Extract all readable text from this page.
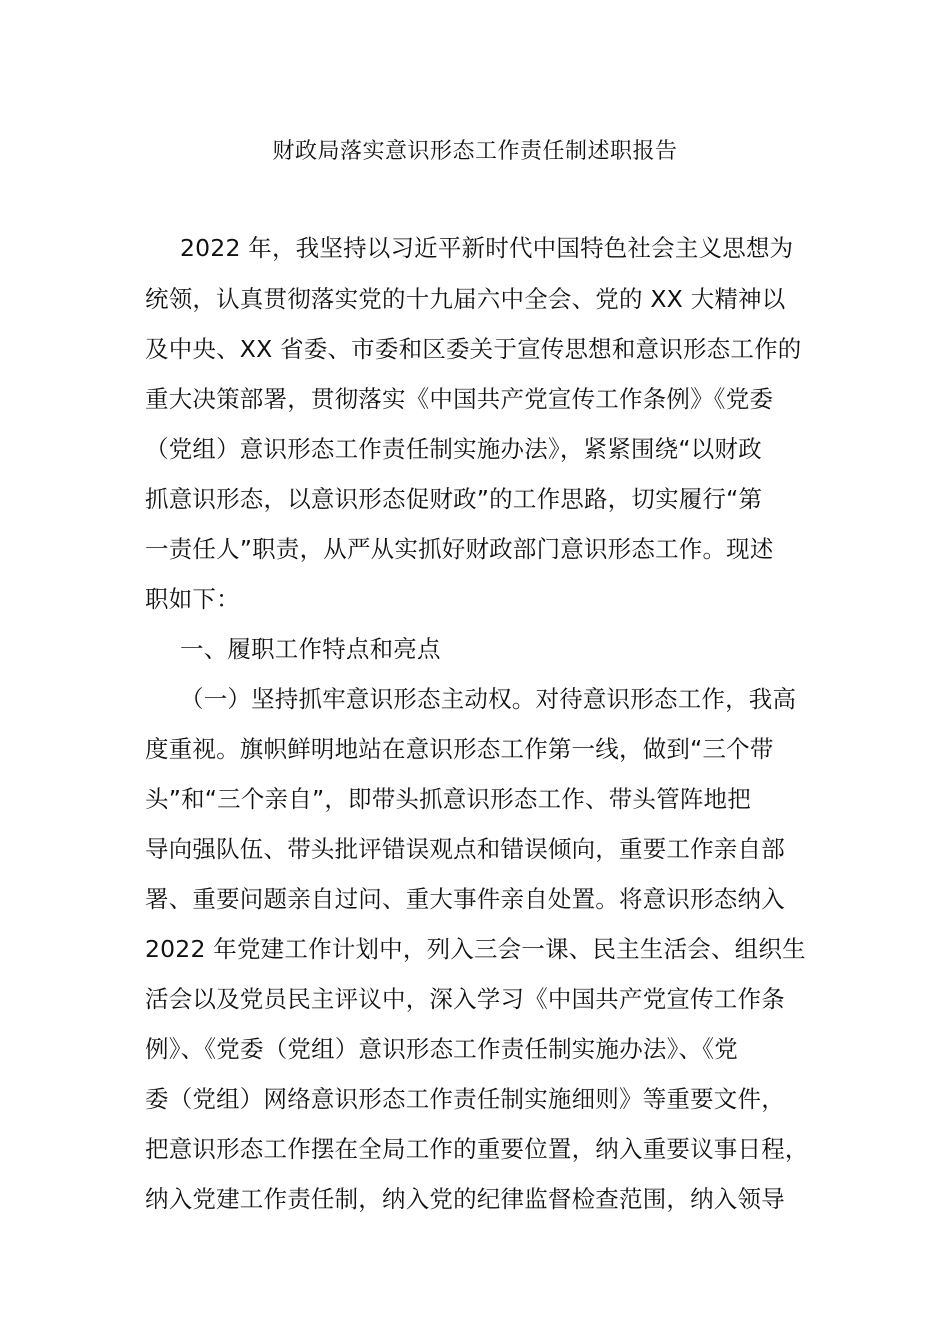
财政局落实意识形态工作责任制述职报告
2022 年，我坚持以习近平新时代中国特色社会主义思想为
统领，认真贯彻落实党的十九届六中全会、党的 XX 大精神以
及中央、XX 省委、市委和区委关于宣传思想和意识形态工作的
重大决策部署，贯彻落实《中国共产党宣传工作条例》《党委
（党组）意识形态工作责任制实施办法》，紧紧围绕“以财政
抓意识形态，以意识形态促财政”的工作思路，切实履行“第
一责任人”职责，从严从实抓好财政部门意识形态工作。现述
职如下：
一、履职工作特点和亮点
（一）坚持抓牢意识形态主动权。对待意识形态工作，我高
度重视。旗帜鲜明地站在意识形态工作第一线，做到“三个带
头”和“三个亲自”，即带头抓意识形态工作、带头管阵地把
导向强队伍、带头批评错误观点和错误倾向，重要工作亲自部
署、重要问题亲自过问、重大事件亲自处置。将意识形态纳入
2022 年党建工作计划中，列入三会一课、民主生活会、组织生
活会以及党员民主评议中，深入学习《中国共产党宣传工作条
例》、《党委（党组）意识形态工作责任制实施办法》、《党
委（党组）网络意识形态工作责任制实施细则》等重要文件，
把意识形态工作摆在全局工作的重要位置，纳入重要议事日程，
纳入党建工作责任制，纳入党的纪律监督检查范围，纳入领导
